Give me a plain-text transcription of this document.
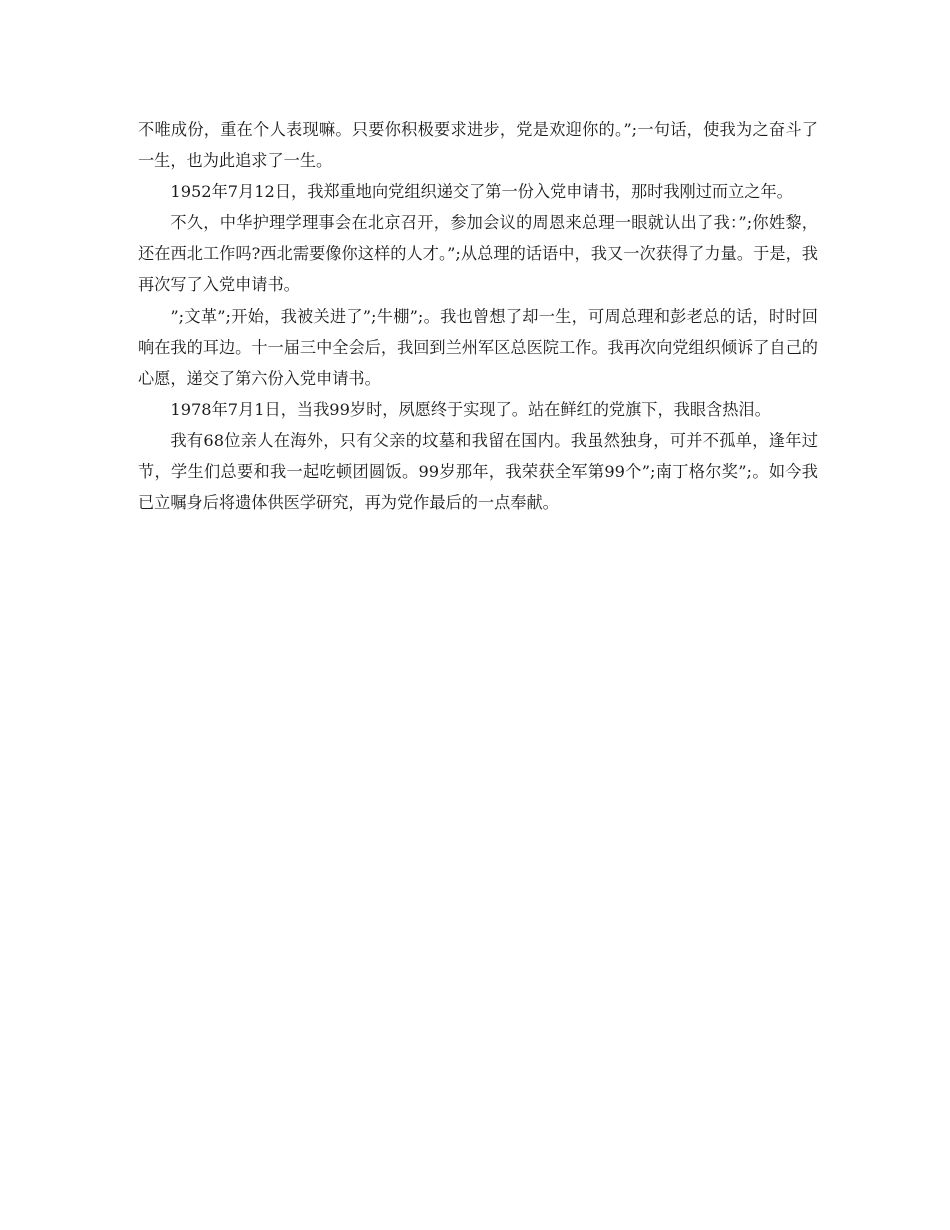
不唯成份，重在个人表现嘛。只要你积极要求进步，党是欢迎你的。”;一句话，使我为之奋斗了一生，也为此追求了一生。

1952年7月12日，我郑重地向党组织递交了第一份入党申请书，那时我刚过而立之年。

不久，中华护理学理事会在北京召开，参加会议的周恩来总理一眼就认出了我：”;你姓黎，还在西北工作吗?西北需要像你这样的人才。”;从总理的话语中，我又一次获得了力量。于是，我再次写了入党申请书。

”;文革”;开始，我被关进了”;牛棚”;。我也曾想了却一生，可周总理和彭老总的话，时时回响在我的耳边。十一届三中全会后，我回到兰州军区总医院工作。我再次向党组织倾诉了自己的心愿，递交了第六份入党申请书。

1978年7月1日，当我99岁时，夙愿终于实现了。站在鲜红的党旗下，我眼含热泪。

我有68位亲人在海外，只有父亲的坟墓和我留在国内。我虽然独身，可并不孤单，逢年过节，学生们总要和我一起吃顿团圆饭。99岁那年，我荣获全军第99个”;南丁格尔奖”;。如今我已立嘱身后将遗体供医学研究，再为党作最后的一点奉献。
